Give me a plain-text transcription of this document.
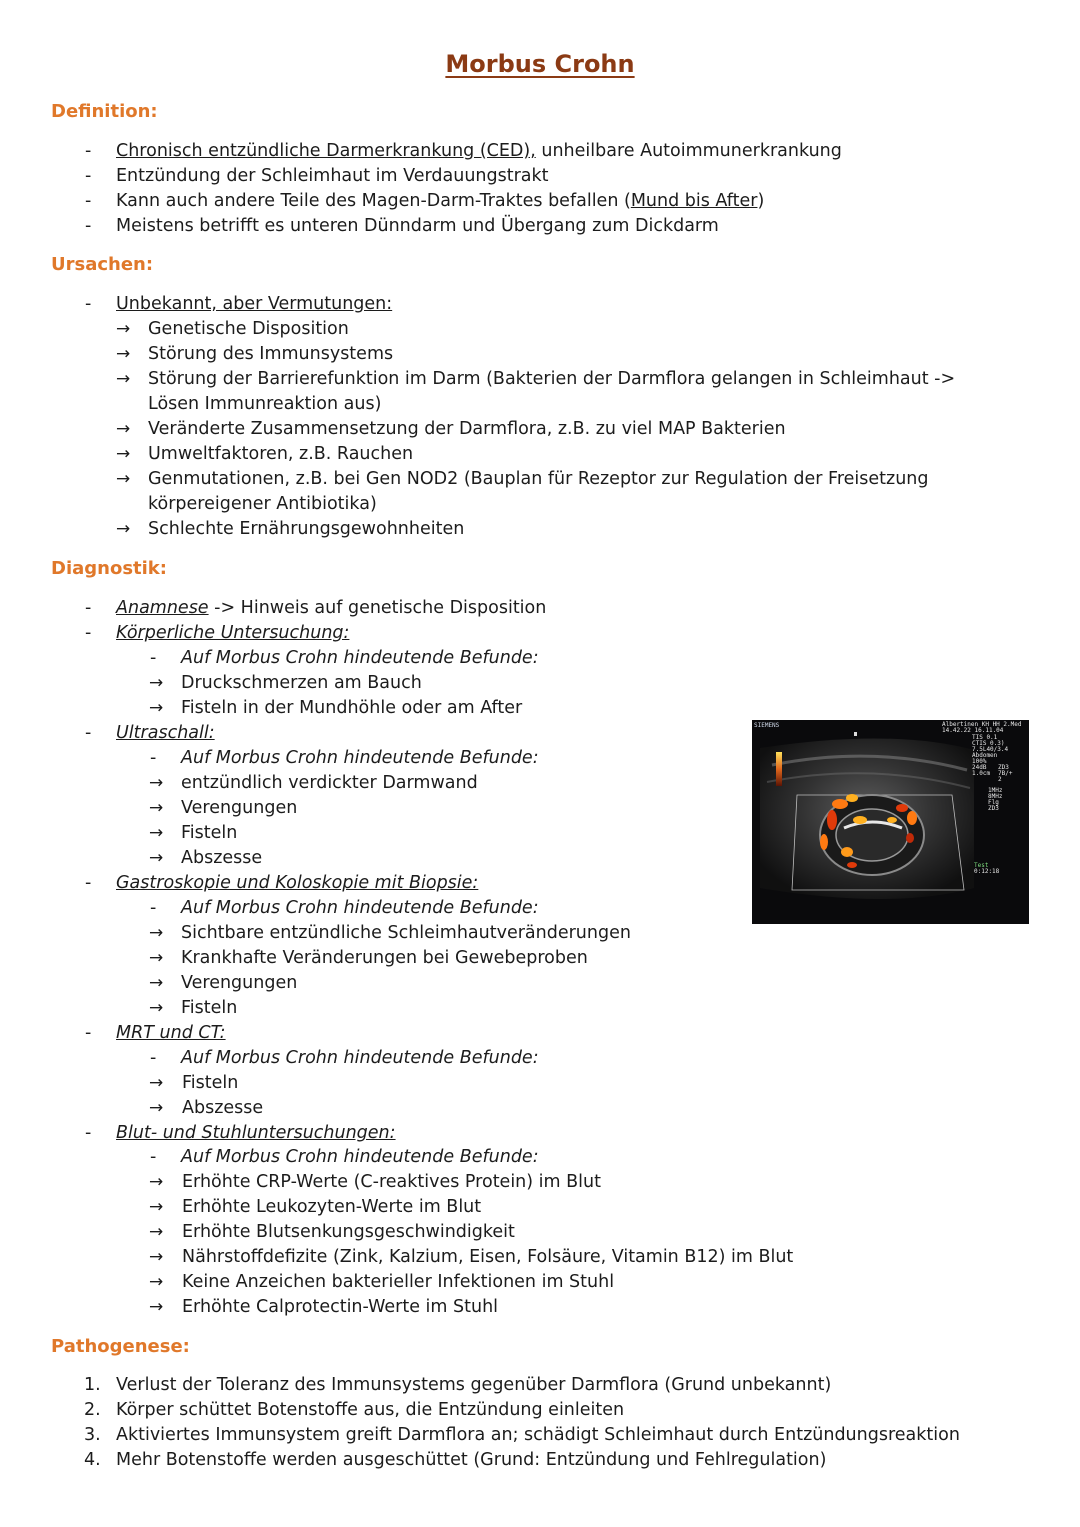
Morbus Crohn
Definition:
- Chronisch entzündliche Darmerkrankung (CED), unheilbare Autoimmunerkrankung
- Entzündung der Schleimhaut im Verdauungstrakt
- Kann auch andere Teile des Magen-Darm-Traktes befallen (Mund bis After)
- Meistens betrifft es unteren Dünndarm und Übergang zum Dickdarm
Ursachen:
- Unbekannt, aber Vermutungen:
→ Genetische Disposition
→ Störung des Immunsystems
→ Störung der Barrierefunktion im Darm (Bakterien der Darmflora gelangen in Schleimhaut ->
Lösen Immunreaktion aus)
→ Veränderte Zusammensetzung der Darmflora, z.B. zu viel MAP Bakterien
→ Umweltfaktoren, z.B. Rauchen
→ Genmutationen, z.B. bei Gen NOD2 (Bauplan für Rezeptor zur Regulation der Freisetzung
körpereigener Antibiotika)
→ Schlechte Ernährungsgewohnheiten
Diagnostik:
- Anamnese -> Hinweis auf genetische Disposition
- Körperliche Untersuchung:
- Auf Morbus Crohn hindeutende Befunde:
→ Druckschmerzen am Bauch
→ Fisteln in der Mundhöhle oder am After
- Ultraschall:
- Auf Morbus Crohn hindeutende Befunde:
→ entzündlich verdickter Darmwand
→ Verengungen
→ Fisteln
→ Abszesse
- Gastroskopie und Koloskopie mit Biopsie:
- Auf Morbus Crohn hindeutende Befunde:
→ Sichtbare entzündliche Schleimhautveränderungen
→ Krankhafte Veränderungen bei Gewebeproben
→ Verengungen
→ Fisteln
- MRT und CT:
- Auf Morbus Crohn hindeutende Befunde:
→ Fisteln
→ Abszesse
- Blut- und Stuhluntersuchungen:
- Auf Morbus Crohn hindeutende Befunde:
→ Erhöhte CRP-Werte (C-reaktives Protein) im Blut
→ Erhöhte Leukozyten-Werte im Blut
→ Erhöhte Blutsenkungsgeschwindigkeit
→ Nährstoffdefizite (Zink, Kalzium, Eisen, Folsäure, Vitamin B12) im Blut
→ Keine Anzeichen bakterieller Infektionen im Stuhl
→ Erhöhte Calprotectin-Werte im Stuhl
Pathogenese:
1. Verlust der Toleranz des Immunsystems gegenüber Darmflora (Grund unbekannt)
2. Körper schüttet Botenstoffe aus, die Entzündung einleiten
3. Aktiviertes Immunsystem greift Darmflora an; schädigt Schleimhaut durch Entzündungsreaktion
4. Mehr Botenstoffe werden ausgeschüttet (Grund: Entzündung und Fehlregulation)
SIEMENS	Albertinen KH HH 2.Med
14.42.22 16.11.04
TIS 0.1
CTIS 0.3)
7.5L40/3.4
Abdomen
100%
24dB
1.0cm
ZD3
7B/+
2
1MHz
8MHz
Flg
ZD3
Test
0:12:18
